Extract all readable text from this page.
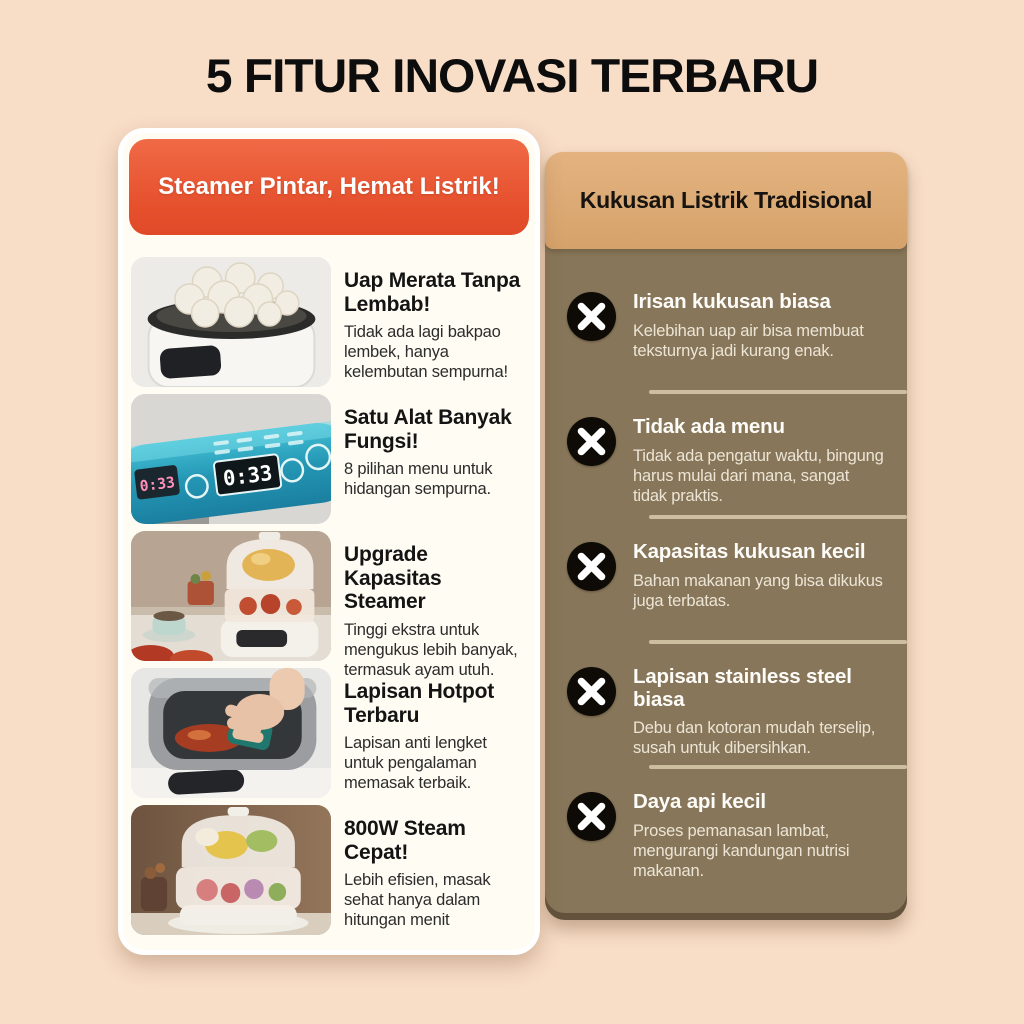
5 FITUR INOVASI TERBARU
Steamer Pintar, Hemat Listrik!
Uap Merata Tanpa Lembab!
Tidak ada lagi bakpao lembek, hanya kelembutan sempurna!
0:33 0:33
Satu Alat Banyak Fungsi!
8 pilihan menu untuk hidangan sempurna.
Upgrade Kapasitas Steamer
Tinggi ekstra untuk mengukus lebih banyak, termasuk ayam utuh.
Lapisan Hotpot Terbaru
Lapisan anti lengket untuk pengalaman memasak terbaik.
800W Steam Cepat!
Lebih efisien, masak sehat hanya dalam hitungan menit
Kukusan Listrik Tradisional
Irisan kukusan biasa
Kelebihan uap air bisa membuat teksturnya jadi kurang enak.
Tidak ada menu
Tidak ada pengatur waktu, bingung harus mulai dari mana, sangat tidak praktis.
Kapasitas kukusan kecil
Bahan makanan yang bisa dikukus juga terbatas.
Lapisan stainless steel biasa
Debu dan kotoran mudah terselip, susah untuk dibersihkan.
Daya api kecil
Proses pemanasan lambat, mengurangi kandungan nutrisi makanan.
